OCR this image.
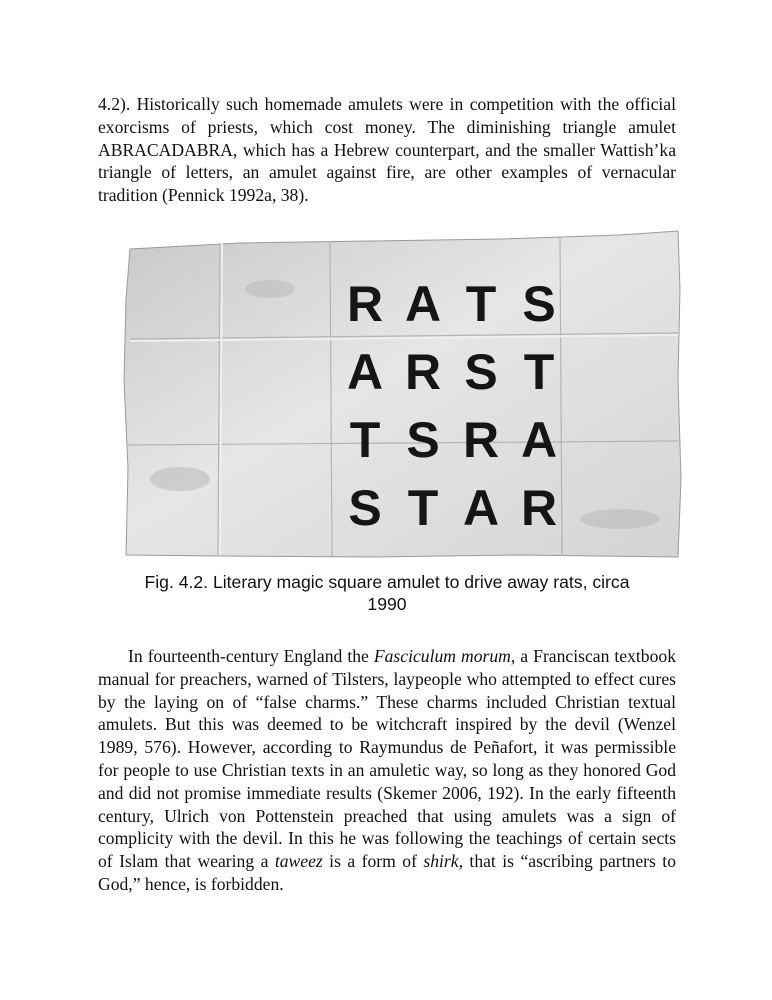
4.2). Historically such homemade amulets were in competition with the official exorcisms of priests, which cost money. The diminishing triangle amulet ABRACADABRA, which has a Hebrew counterpart, and the smaller Wattish’ka triangle of letters, an amulet against fire, are other examples of vernacular tradition (Pennick 1992a, 38).

R A T S
A R S T
T S R A
S T A R
Fig. 4.2. Literary magic square amulet to drive away rats, circa
1990

In fourteenth-century England the Fasciculum morum, a Franciscan textbook manual for preachers, warned of Tilsters, laypeople who attempted to effect cures by the laying on of “false charms.” These charms included Christian textual amulets. But this was deemed to be witchcraft inspired by the devil (Wenzel 1989, 576). However, according to Raymundus de Peñafort, it was permissible for people to use Christian texts in an amuletic way, so long as they honored God and did not promise immediate results (Skemer 2006, 192). In the early fifteenth century, Ulrich von Pottenstein preached that using amulets was a sign of complicity with the devil. In this he was following the teachings of certain sects of Islam that wearing a taweez is a form of shirk, that is “ascribing partners to God,” hence, is forbidden.
